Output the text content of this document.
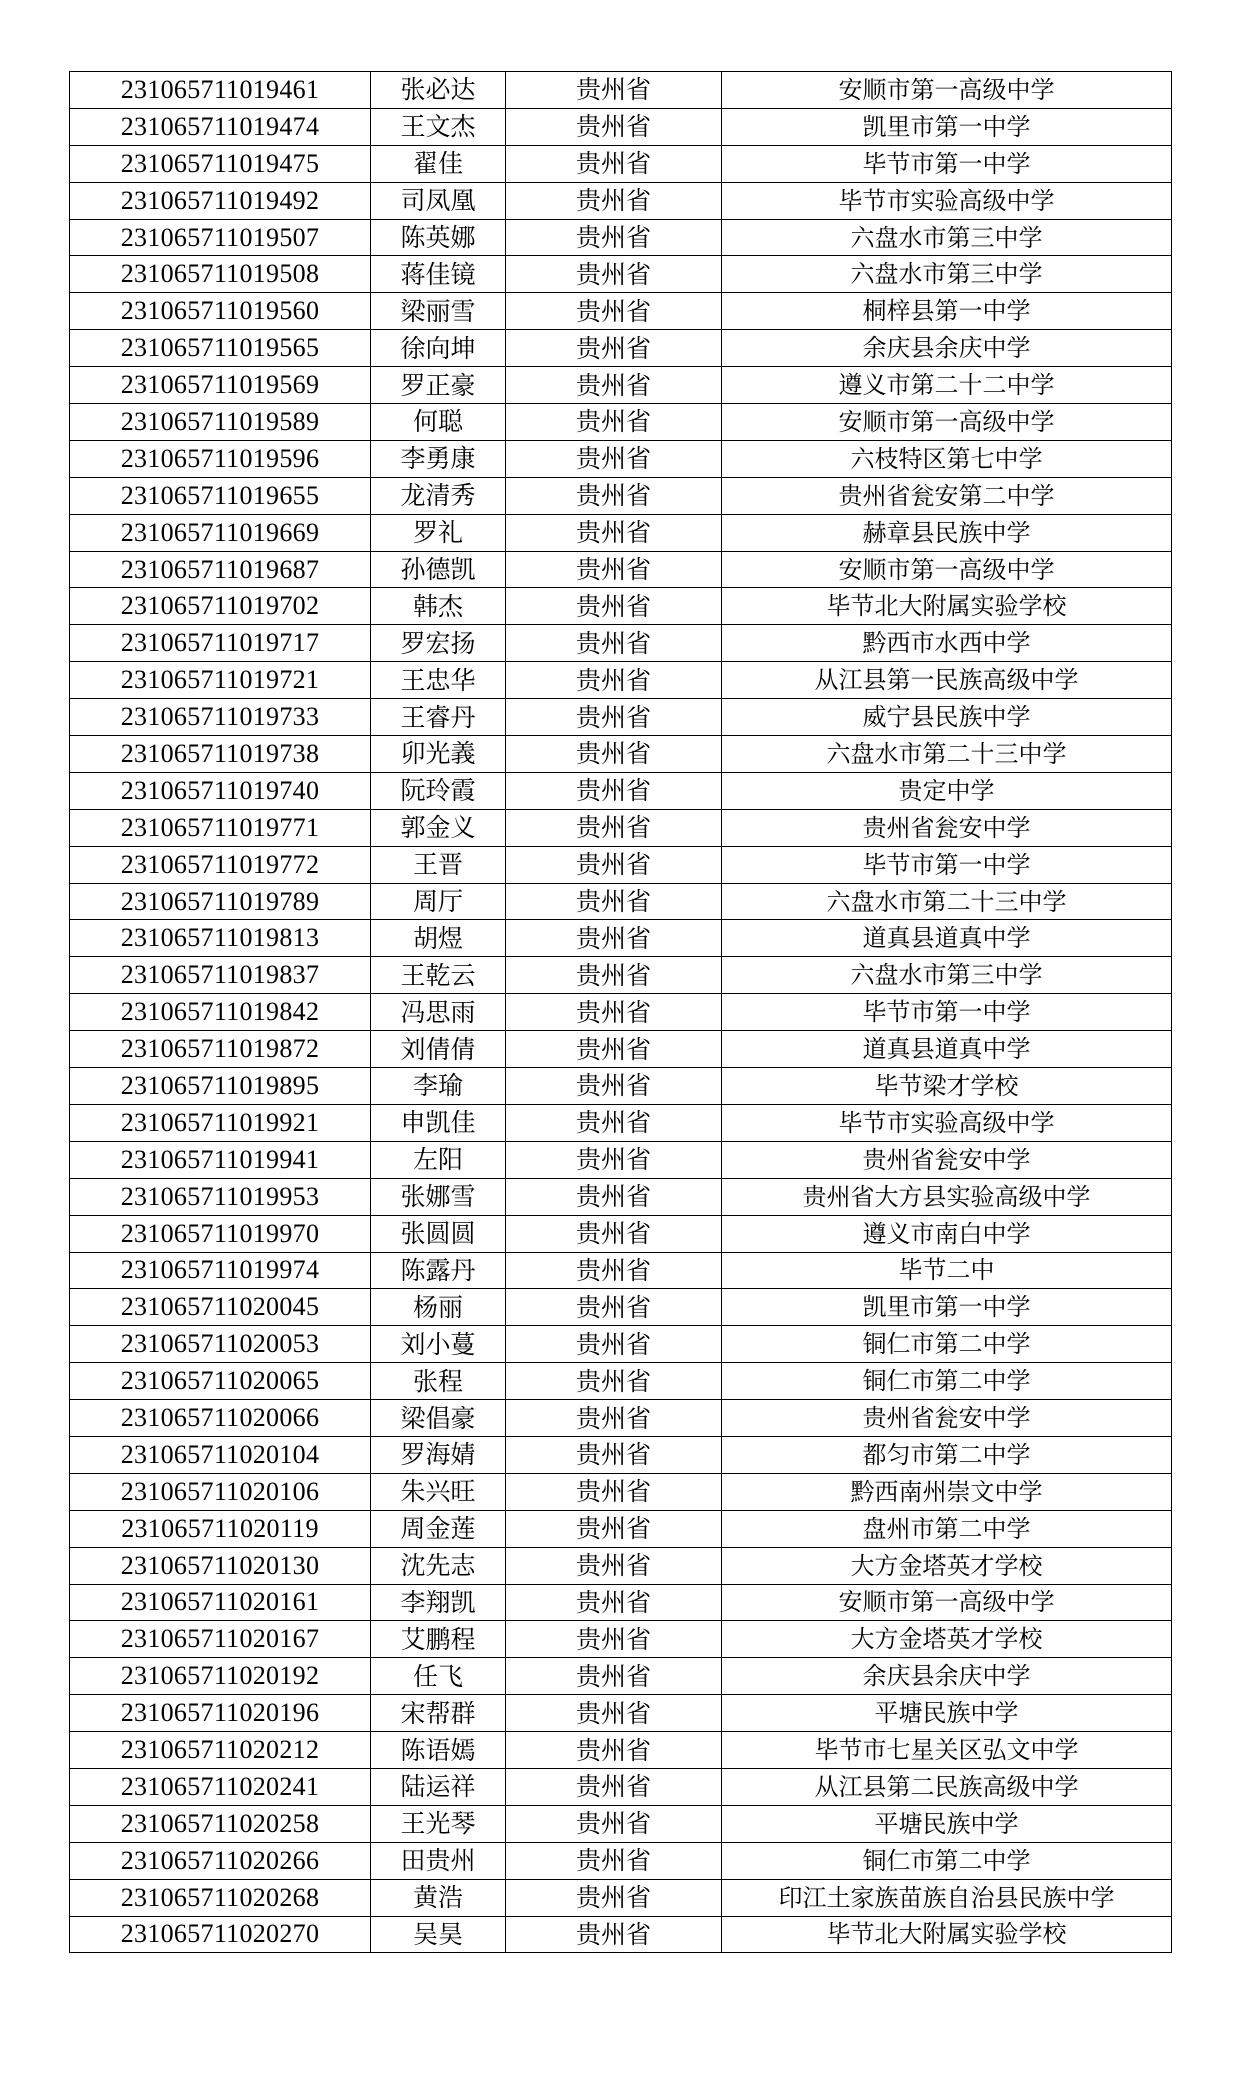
231065711019461	张必达	贵州省	安顺市第一高级中学
231065711019474	王文杰	贵州省	凯里市第一中学
231065711019475	翟佳	贵州省	毕节市第一中学
231065711019492	司凤凰	贵州省	毕节市实验高级中学
231065711019507	陈英娜	贵州省	六盘水市第三中学
231065711019508	蒋佳镜	贵州省	六盘水市第三中学
231065711019560	梁丽雪	贵州省	桐梓县第一中学
231065711019565	徐向坤	贵州省	余庆县余庆中学
231065711019569	罗正豪	贵州省	遵义市第二十二中学
231065711019589	何聪	贵州省	安顺市第一高级中学
231065711019596	李勇康	贵州省	六枝特区第七中学
231065711019655	龙清秀	贵州省	贵州省瓮安第二中学
231065711019669	罗礼	贵州省	赫章县民族中学
231065711019687	孙德凯	贵州省	安顺市第一高级中学
231065711019702	韩杰	贵州省	毕节北大附属实验学校
231065711019717	罗宏扬	贵州省	黔西市水西中学
231065711019721	王忠华	贵州省	从江县第一民族高级中学
231065711019733	王睿丹	贵州省	威宁县民族中学
231065711019738	卯光義	贵州省	六盘水市第二十三中学
231065711019740	阮玲霞	贵州省	贵定中学
231065711019771	郭金义	贵州省	贵州省瓮安中学
231065711019772	王晋	贵州省	毕节市第一中学
231065711019789	周厅	贵州省	六盘水市第二十三中学
231065711019813	胡煜	贵州省	道真县道真中学
231065711019837	王乾云	贵州省	六盘水市第三中学
231065711019842	冯思雨	贵州省	毕节市第一中学
231065711019872	刘倩倩	贵州省	道真县道真中学
231065711019895	李瑜	贵州省	毕节梁才学校
231065711019921	申凯佳	贵州省	毕节市实验高级中学
231065711019941	左阳	贵州省	贵州省瓮安中学
231065711019953	张娜雪	贵州省	贵州省大方县实验高级中学
231065711019970	张圆圆	贵州省	遵义市南白中学
231065711019974	陈露丹	贵州省	毕节二中
231065711020045	杨丽	贵州省	凯里市第一中学
231065711020053	刘小蔓	贵州省	铜仁市第二中学
231065711020065	张程	贵州省	铜仁市第二中学
231065711020066	梁倡豪	贵州省	贵州省瓮安中学
231065711020104	罗海婧	贵州省	都匀市第二中学
231065711020106	朱兴旺	贵州省	黔西南州崇文中学
231065711020119	周金莲	贵州省	盘州市第二中学
231065711020130	沈先志	贵州省	大方金塔英才学校
231065711020161	李翔凯	贵州省	安顺市第一高级中学
231065711020167	艾鹏程	贵州省	大方金塔英才学校
231065711020192	任飞	贵州省	余庆县余庆中学
231065711020196	宋帮群	贵州省	平塘民族中学
231065711020212	陈语嫣	贵州省	毕节市七星关区弘文中学
231065711020241	陆运祥	贵州省	从江县第二民族高级中学
231065711020258	王光琴	贵州省	平塘民族中学
231065711020266	田贵州	贵州省	铜仁市第二中学
231065711020268	黄浩	贵州省	印江土家族苗族自治县民族中学
231065711020270	吴昊	贵州省	毕节北大附属实验学校
